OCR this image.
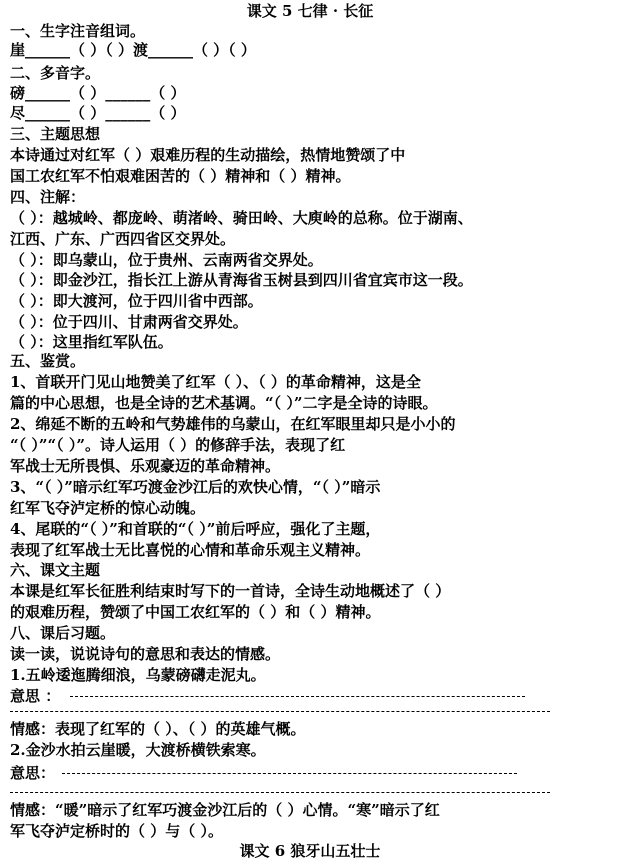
课文 5 七律 · 长征
一、生字注音组词。
崖______（ ）（ ）渡______（ ）（ ）
二、多音字。
磅______（ ）______（ ）
尽______（ ）______（ ）
三、主题思想
本诗通过对红军（ ）艰难历程的生动描绘，热情地赞颂了中
国工农红军不怕艰难困苦的（ ）精神和（ ）精神。
四、注解：
（ ）：越城岭、都庞岭、萌渚岭、骑田岭、大庾岭的总称。位于湖南、
江西、广东、广西四省区交界处。
（ ）：即乌蒙山，位于贵州、云南两省交界处。
（ ）：即金沙江，指长江上游从青海省玉树县到四川省宜宾市这一段。
（ ）：即大渡河，位于四川省中西部。
（ ）：位于四川、甘肃两省交界处。
（ ）：这里指红军队伍。
五、鉴赏。
1、首联开门见山地赞美了红军（ ）、（ ）的革命精神，这是全
篇的中心思想，也是全诗的艺术基调。“（ ）”二字是全诗的诗眼。
2、绵延不断的五岭和气势雄伟的乌蒙山，在红军眼里却只是小小的
“（ ）”“（ ）”。诗人运用（ ）的修辞手法，表现了红
军战士无所畏惧、乐观豪迈的革命精神。
3、“（ ）”暗示红军巧渡金沙江后的欢快心情，“（ ）”暗示
红军飞夺泸定桥的惊心动魄。
4、尾联的“（ ）”和首联的“（ ）”前后呼应，强化了主题，
表现了红军战士无比喜悦的心情和革命乐观主义精神。
六、课文主题
本课是红军长征胜利结束时写下的一首诗，全诗生动地概述了（ ）
的艰难历程，赞颂了中国工农红军的（ ）和（ ）精神。
八、课后习题。
读一读，说说诗句的意思和表达的情感。
1.五岭逶迤腾细浪，乌蒙磅礴走泥丸。
意思 ：
情感：表现了红军的（ ）、（ ）的英雄气概。
2.金沙水拍云崖暖，大渡桥横铁索寒。
意思：
情感：“暖”暗示了红军巧渡金沙江后的（ ）心情。“寒”暗示了红
军飞夺泸定桥时的（ ）与（ ）。
课文 6 狼牙山五壮士
